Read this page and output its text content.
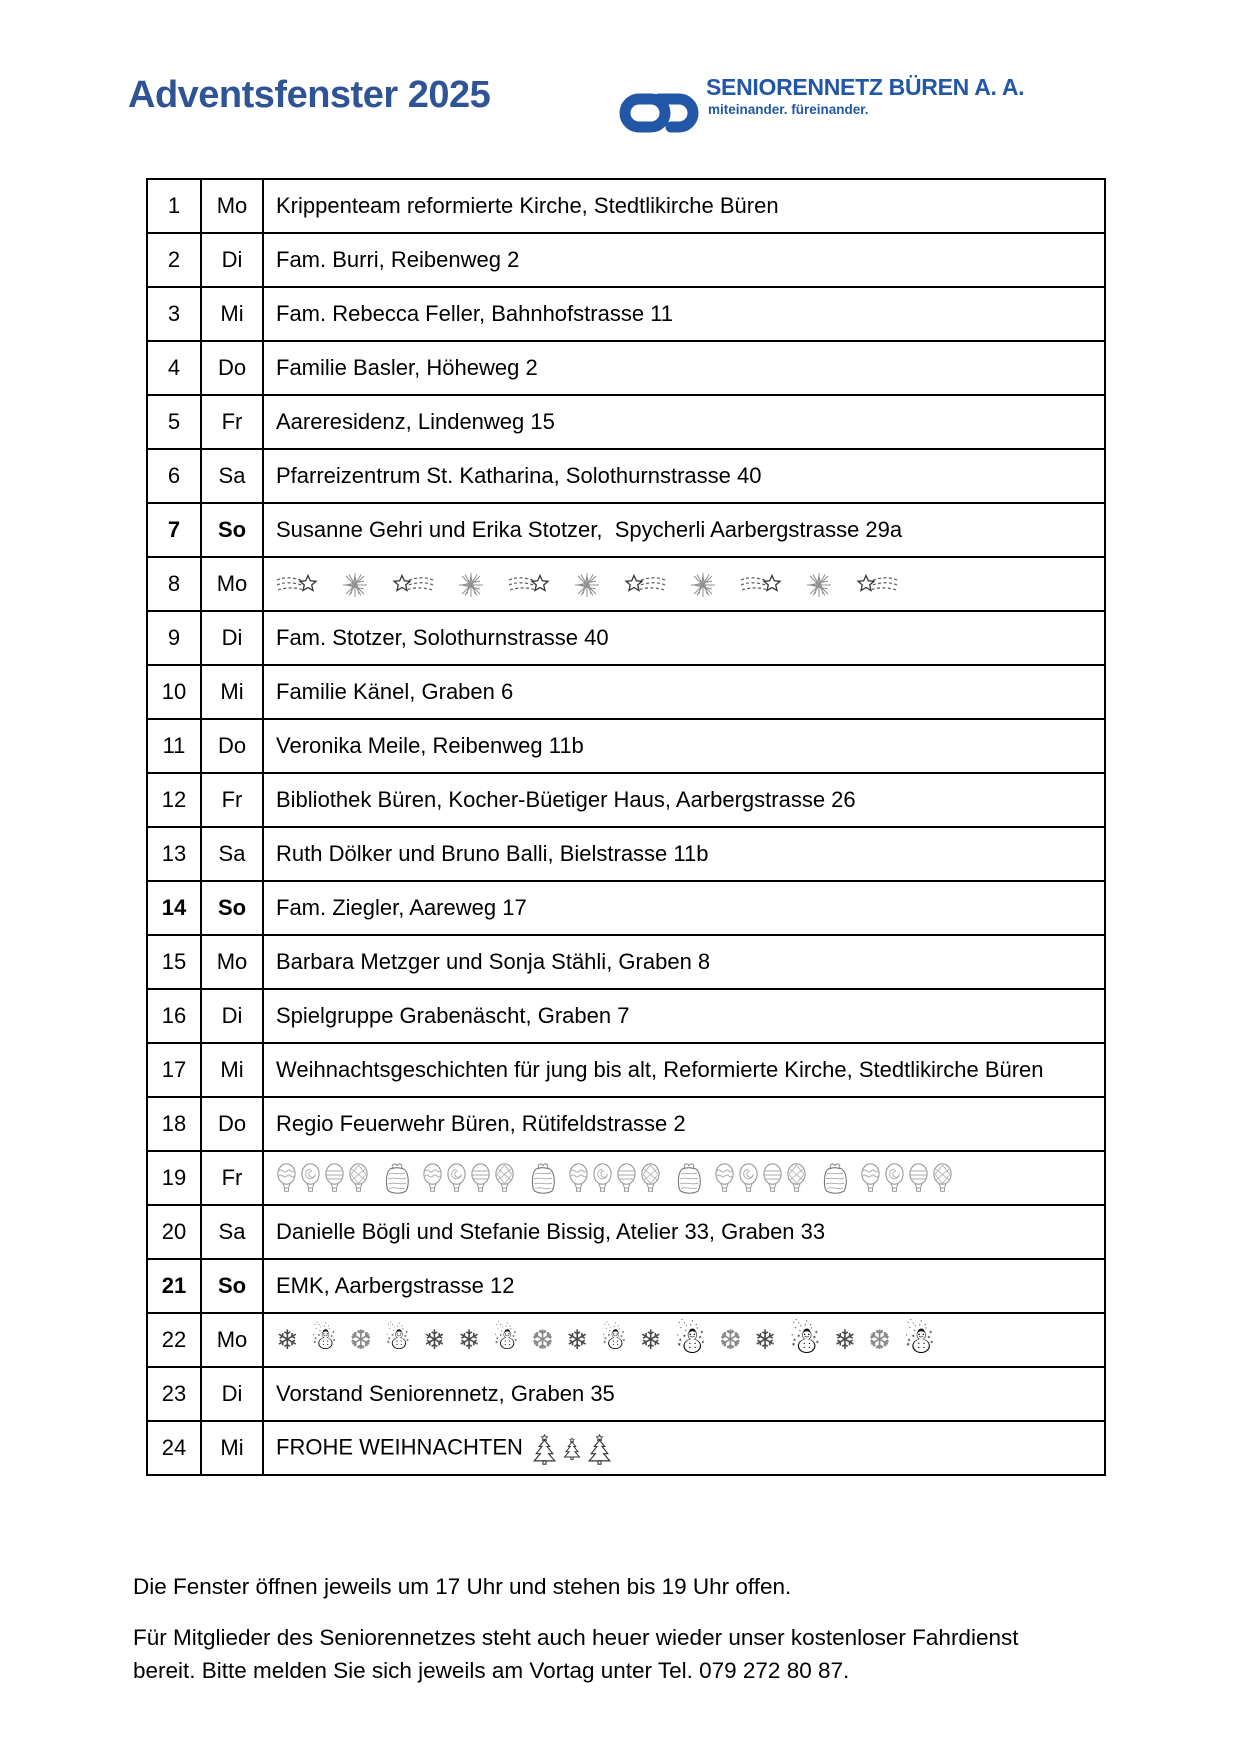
Adventsfenster 2025	SENIORENNETZ BÜREN A. A.
miteinander. füreinander.
1	Mo	Krippenteam reformierte Kirche, Stedtlikirche Büren
2	Di	Fam. Burri, Reibenweg 2
3	Mi	Fam. Rebecca Feller, Bahnhofstrasse 11
4	Do	Familie Basler, Höheweg 2
5	Fr	Aareresidenz, Lindenweg 15
6	Sa	Pfarreizentrum St. Katharina, Solothurnstrasse 40
7	So	Susanne Gehri und Erika Stotzer,  Spycherli Aarbergstrasse 29a
8	Mo	
9	Di	Fam. Stotzer, Solothurnstrasse 40
10	Mi	Familie Känel, Graben 6
11	Do	Veronika Meile, Reibenweg 11b
12	Fr	Bibliothek Büren, Kocher-Büetiger Haus, Aarbergstrasse 26
13	Sa	Ruth Dölker und Bruno Balli, Bielstrasse 11b
14	So	Fam. Ziegler, Aareweg 17
15	Mo	Barbara Metzger und Sonja Stähli, Graben 8
16	Di	Spielgruppe Grabenäscht, Graben 7
17	Mi	Weihnachtsgeschichten für jung bis alt, Reformierte Kirche, Stedtlikirche Büren
18	Do	Regio Feuerwehr Büren, Rütifeldstrasse 2
19	Fr	
20	Sa	Danielle Bögli und Stefanie Bissig, Atelier 33, Graben 33
21	So	EMK, Aarbergstrasse 12
22	Mo	❄ ☃ ❆ ☃ ❄ ❄ ☃ ❆ ❄ ☃ ❄ ☃ ❆ ❄ ☃ ❄ ❆ ☃
23	Di	Vorstand Seniorennetz, Graben 35
24	Mi	FROHE WEIHNACHTEN

Die Fenster öffnen jeweils um 17 Uhr und stehen bis 19 Uhr offen.

Für Mitglieder des Seniorennetzes steht auch heuer wieder unser kostenloser Fahrdienst bereit. Bitte melden Sie sich jeweils am Vortag unter Tel. 079 272 80 87.
